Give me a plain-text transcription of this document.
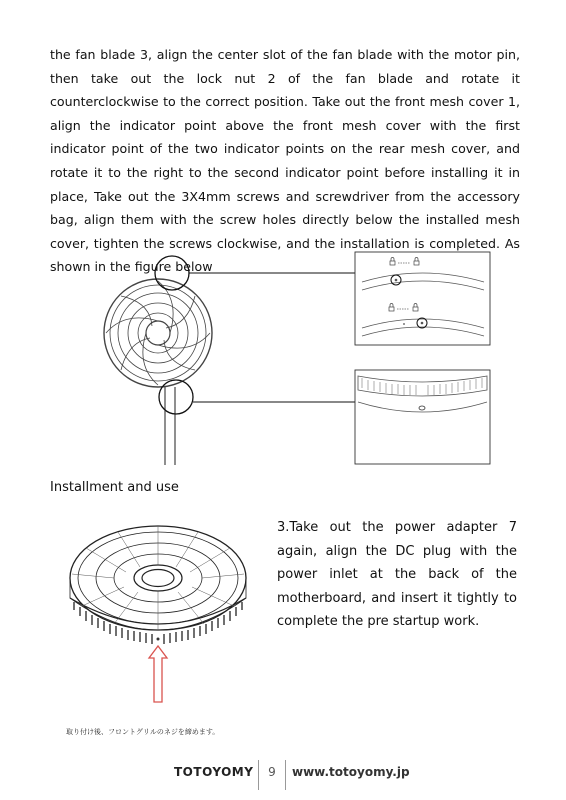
the fan blade 3, align the center slot of the fan blade with the motor pin, then take out the lock nut 2 of the fan blade and rotate it counterclockwise to the correct position. Take out the front mesh cover 1, align the indicator point above the front mesh cover with the first indicator point of the two indicator points on the rear mesh cover, and rotate it to the right to the second indicator point before installing it in place, Take out the 3X4mm screws and screwdriver from the accessory bag, align them with the screw holes directly below the installed mesh cover, tighten the screws clockwise, and the installation is completed. As shown in the figure below

Installment and use

3.Take out the power adapter 7 again, align the DC plug with the power inlet at the back of the motherboard, and insert it tightly to complete the pre startup work.

取り付け後、フロントグリルのネジを締めます。
TOTOYOMY 9 www.totoyomy.jp
